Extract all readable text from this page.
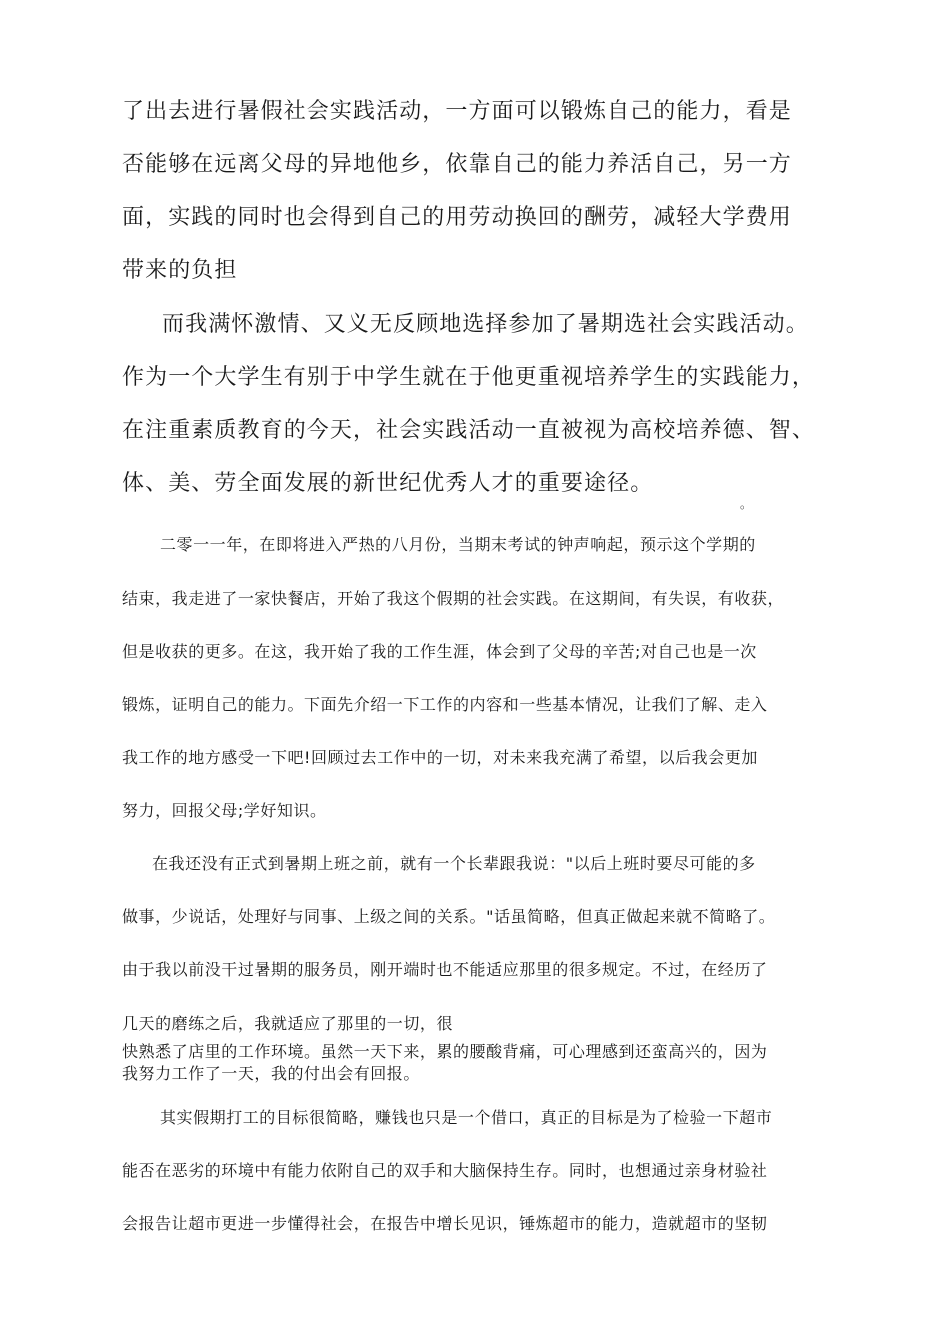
了出去进行暑假社会实践活动，一方面可以锻炼自己的能力，看是
否能够在远离父母的异地他乡，依靠自己的能力养活自己，另一方
面，实践的同时也会得到自己的用劳动换回的酬劳，减轻大学费用
带来的负担
而我满怀激情、又义无反顾地选择参加了暑期选社会实践活动。
作为一个大学生有别于中学生就在于他更重视培养学生的实践能力，
在注重素质教育的今天，社会实践活动一直被视为高校培养德、智、
体、美、劳全面发展的新世纪优秀人才的重要途径。
。
二零一一年，在即将进入严热的八月份，当期末考试的钟声响起，预示这个学期的
结束，我走进了一家快餐店，开始了我这个假期的社会实践。在这期间，有失误，有收获，
但是收获的更多。在这，我开始了我的工作生涯，体会到了父母的辛苦;对自己也是一次
锻炼，证明自己的能力。下面先介绍一下工作的内容和一些基本情况，让我们了解、走入
我工作的地方感受一下吧!回顾过去工作中的一切，对未来我充满了希望，以后我会更加
努力，回报父母;学好知识。
在我还没有正式到暑期上班之前，就有一个长辈跟我说："以后上班时要尽可能的多
做事，少说话，处理好与同事、上级之间的关系。"话虽简略，但真正做起来就不简略了。
由于我以前没干过暑期的服务员，刚开端时也不能适应那里的很多规定。不过，在经历了
几天的磨练之后，我就适应了那里的一切，很
快熟悉了店里的工作环境。虽然一天下来，累的腰酸背痛，可心理感到还蛮高兴的，因为
我努力工作了一天，我的付出会有回报。
其实假期打工的目标很简略，赚钱也只是一个借口，真正的目标是为了检验一下超市
能否在恶劣的环境中有能力依附自己的双手和大脑保持生存。同时，也想通过亲身材验社
会报告让超市更进一步懂得社会，在报告中增长见识，锤炼超市的能力，造就超市的坚韧
